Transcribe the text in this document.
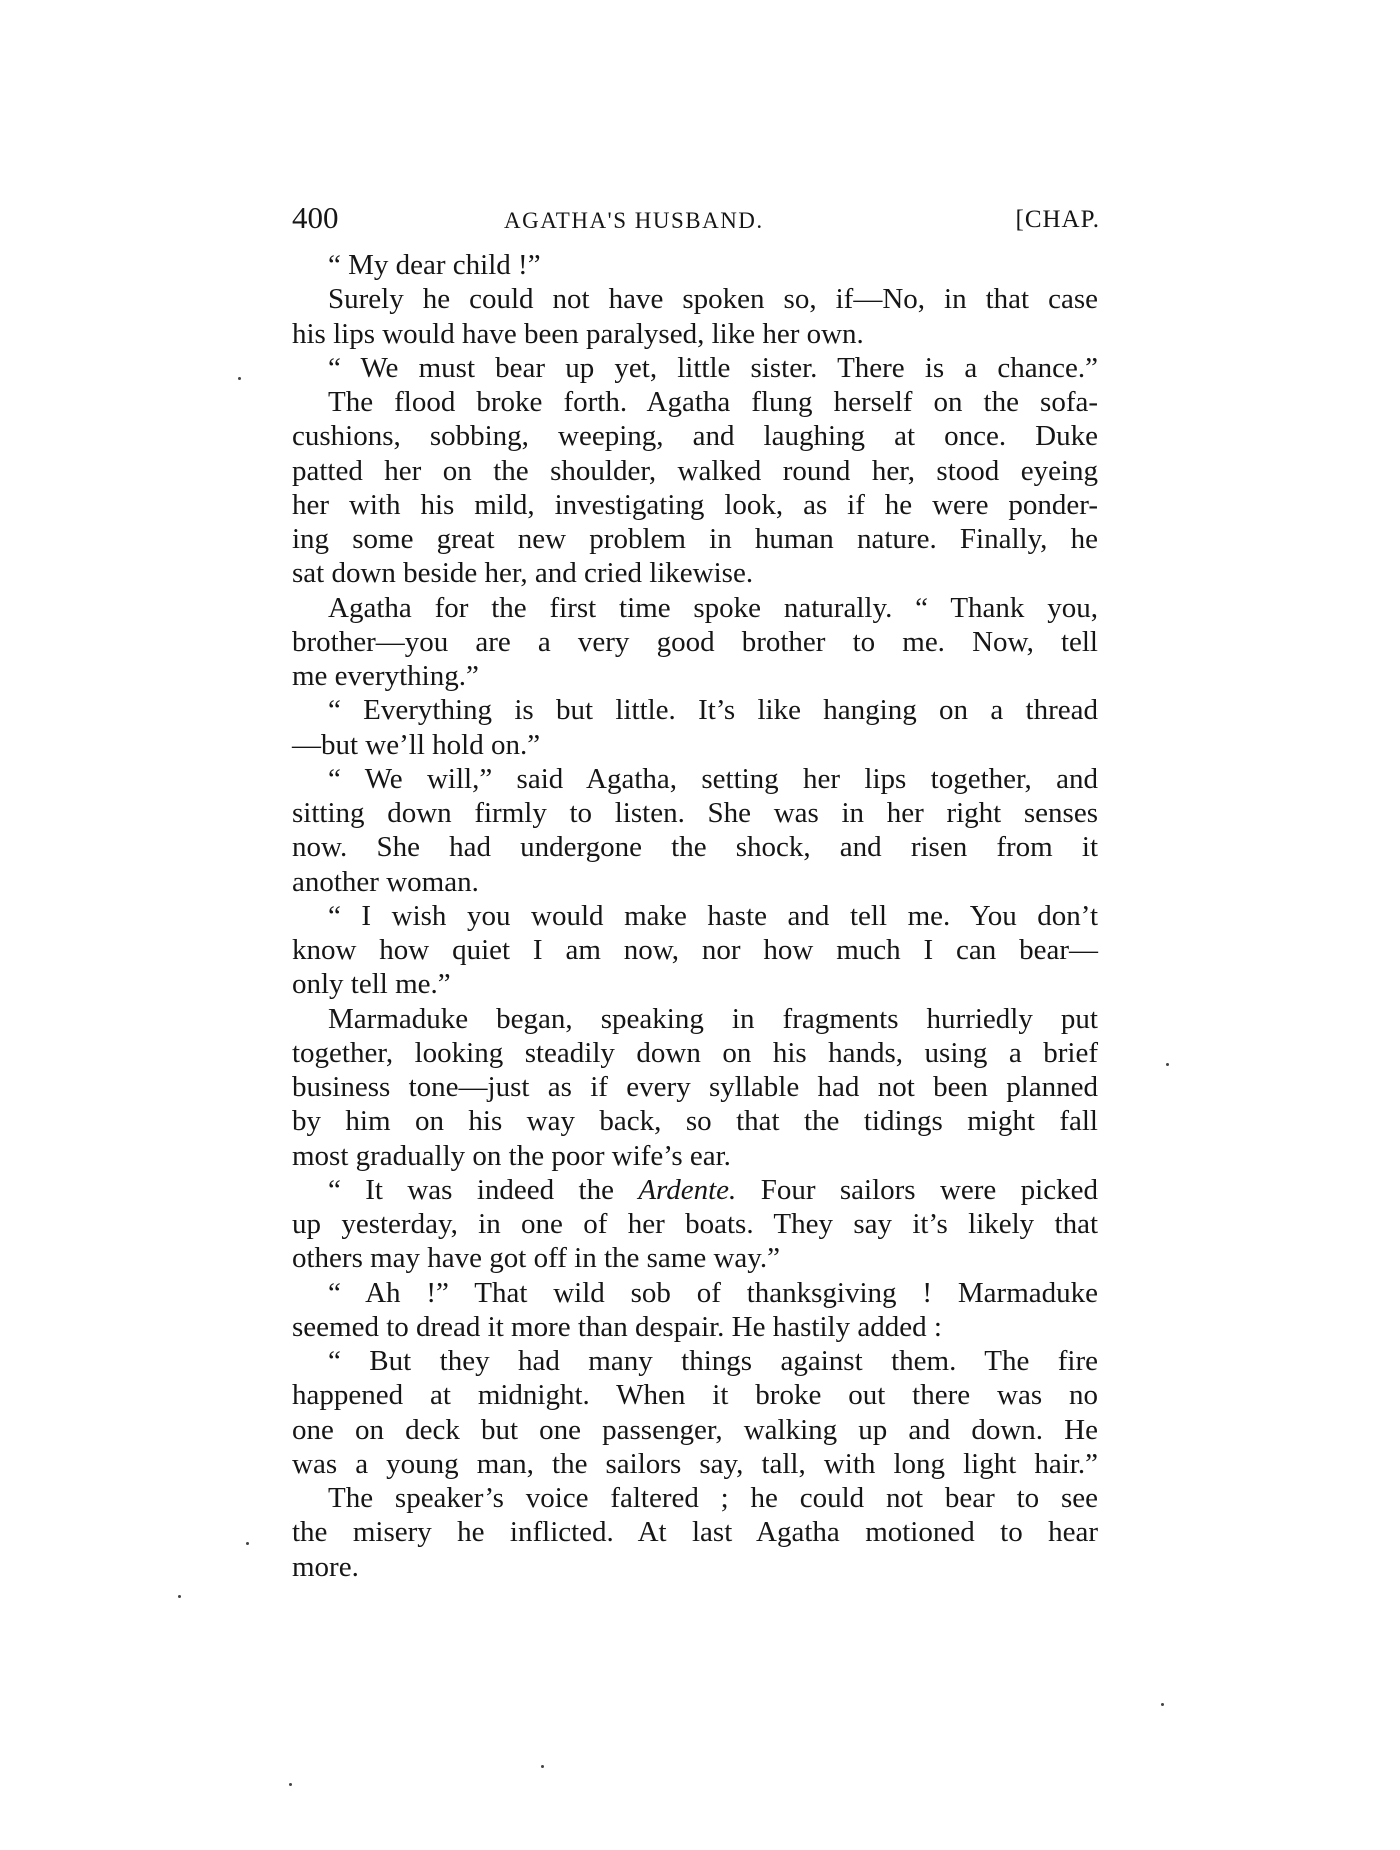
400	AGATHA'S HUSBAND.	[CHAP.
“ My dear child !”
Surely he could not have spoken so, if—No, in that case
his lips would have been paralysed, like her own.
“ We must bear up yet, little sister. There is a chance.”
The flood broke forth. Agatha flung herself on the sofa-
cushions, sobbing, weeping, and laughing at once. Duke
patted her on the shoulder, walked round her, stood eyeing
her with his mild, investigating look, as if he were ponder-
ing some great new problem in human nature. Finally, he
sat down beside her, and cried likewise.
Agatha for the first time spoke naturally. “ Thank you,
brother—you are a very good brother to me. Now, tell
me everything.”
“ Everything is but little. It’s like hanging on a thread
—but we’ll hold on.”
“ We will,” said Agatha, setting her lips together, and
sitting down firmly to listen. She was in her right senses
now. She had undergone the shock, and risen from it
another woman.
“ I wish you would make haste and tell me. You don’t
know how quiet I am now, nor how much I can bear—
only tell me.”
Marmaduke began, speaking in fragments hurriedly put
together, looking steadily down on his hands, using a brief
business tone—just as if every syllable had not been planned
by him on his way back, so that the tidings might fall
most gradually on the poor wife’s ear.
“ It was indeed the Ardente. Four sailors were picked
up yesterday, in one of her boats. They say it’s likely that
others may have got off in the same way.”
“ Ah !” That wild sob of thanksgiving ! Marmaduke
seemed to dread it more than despair. He hastily added :
“ But they had many things against them. The fire
happened at midnight. When it broke out there was no
one on deck but one passenger, walking up and down. He
was a young man, the sailors say, tall, with long light hair.”
The speaker’s voice faltered ; he could not bear to see
the misery he inflicted. At last Agatha motioned to hear
more.
